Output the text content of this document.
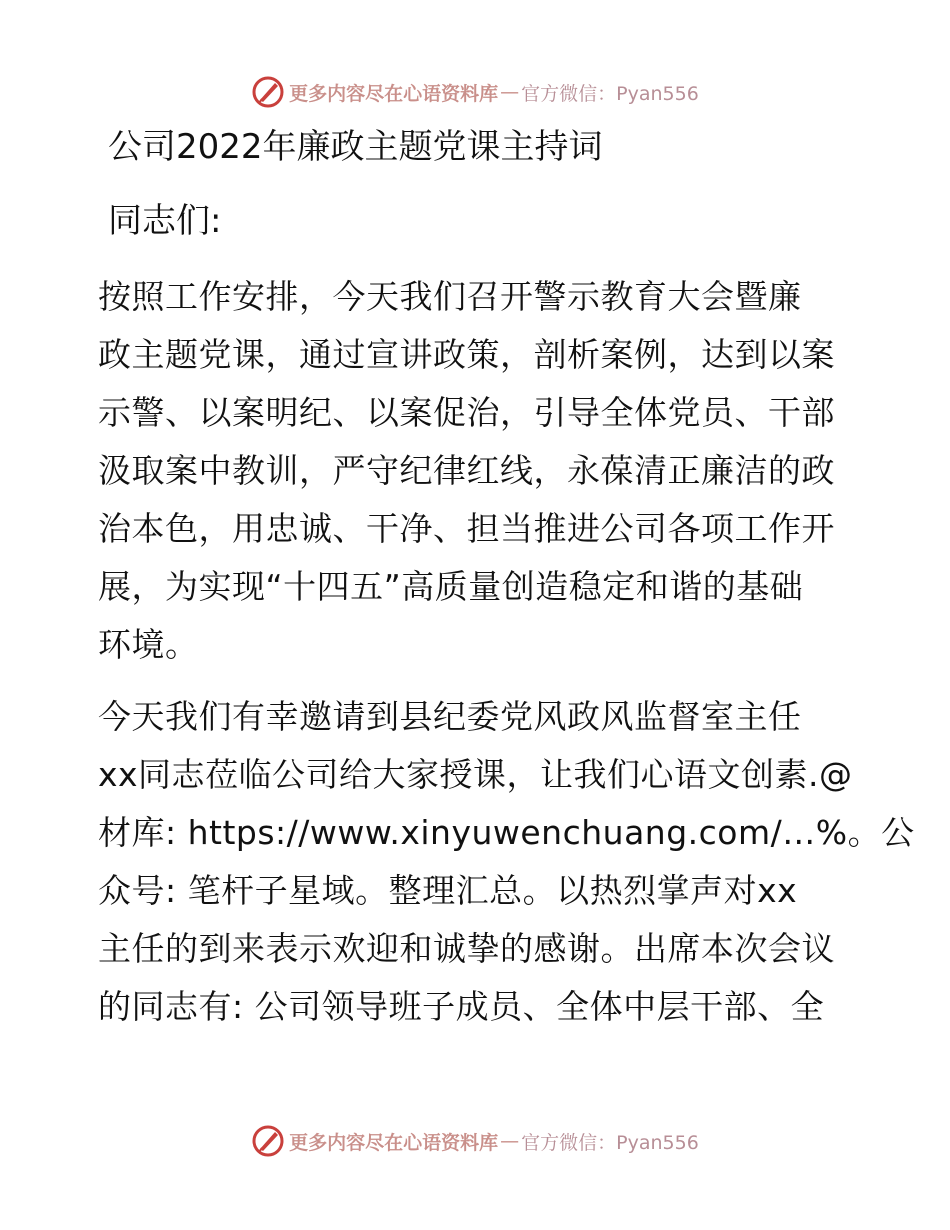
更多内容尽在心语资料库 — 官方微信：Pyan556
公司2022年廉政主题党课主持词
同志们:
按照工作安排，今天我们召开警示教育大会暨廉
政主题党课，通过宣讲政策，剖析案例，达到以案
示警、以案明纪、以案促治，引导全体党员、干部
汲取案中教训，严守纪律红线，永葆清正廉洁的政
治本色，用忠诚、干净、担当推进公司各项工作开
展，为实现“十四五”高质量创造稳定和谐的基础
环境。
今天我们有幸邀请到县纪委党风政风监督室主任
xx同志莅临公司给大家授课，让我们心语文创素.@
材库: https://www.xinyuwenchuang.com/…%。公
众号: 笔杆子星域。整理汇总。以热烈掌声对xx
主任的到来表示欢迎和诚挚的感谢。出席本次会议
的同志有: 公司领导班子成员、全体中层干部、全
更多内容尽在心语资料库 — 官方微信：Pyan556
